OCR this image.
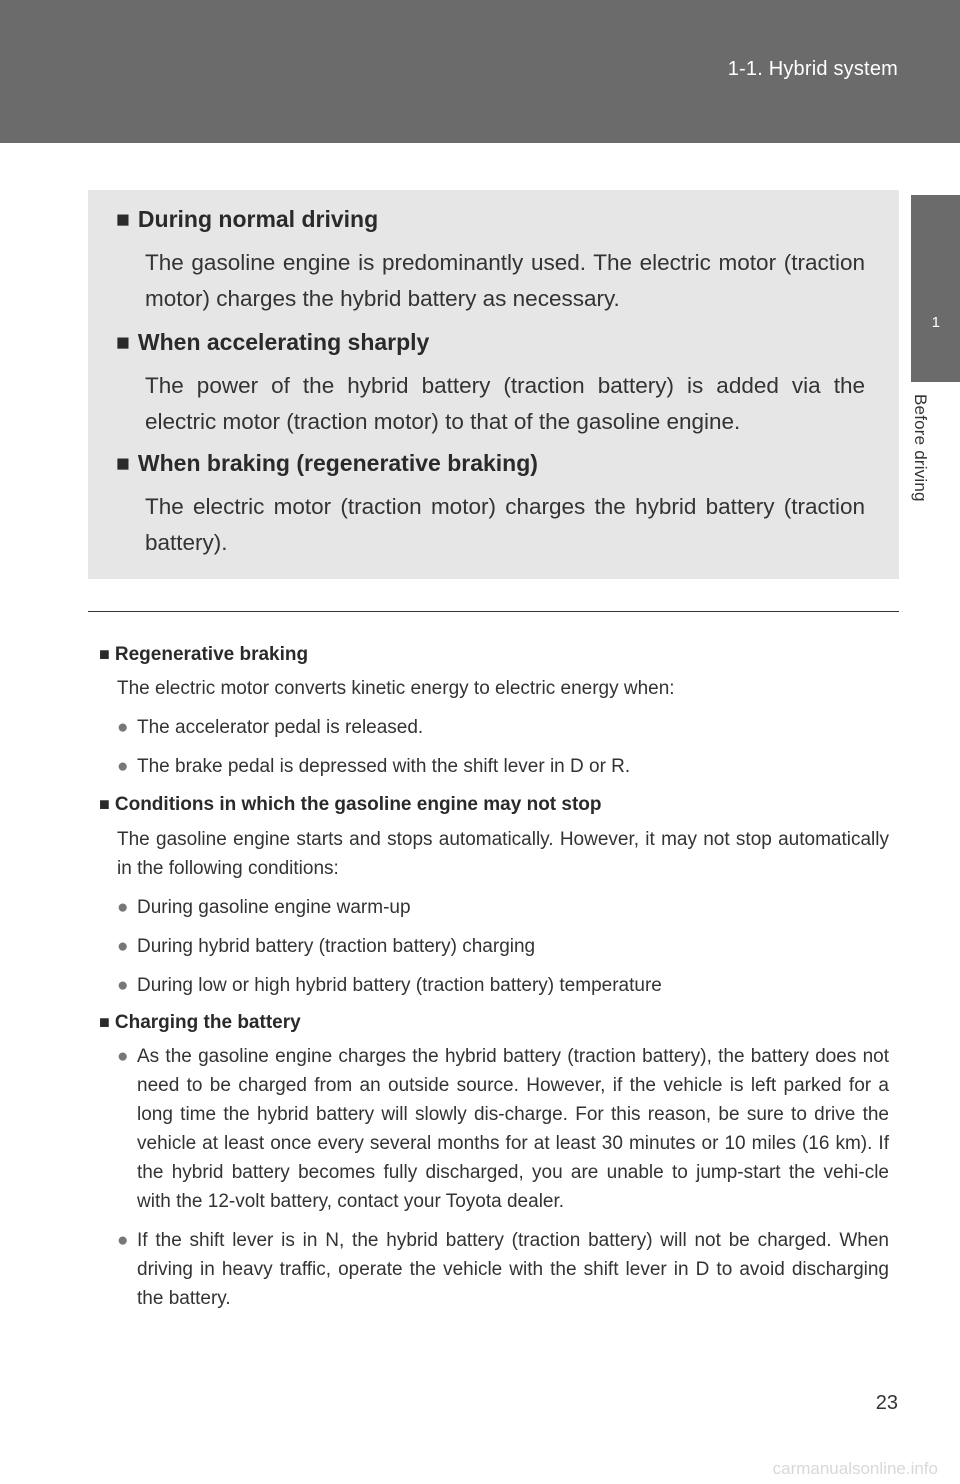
1-1. Hybrid system
1
Before driving
■ During normal driving

The gasoline engine is predominantly used. The electric motor (traction motor) charges the hybrid battery as necessary.

■ When accelerating sharply

The power of the hybrid battery (traction battery) is added via the electric motor (traction motor) to that of the gasoline engine.

■ When braking (regenerative braking)

The electric motor (traction motor) charges the hybrid battery (traction battery).

■ Regenerative braking

The electric motor converts kinetic energy to electric energy when:

● The accelerator pedal is released.

● The brake pedal is depressed with the shift lever in D or R.

■ Conditions in which the gasoline engine may not stop

The gasoline engine starts and stops automatically. However, it may not stop automatically in the following conditions:

● During gasoline engine warm-up

● During hybrid battery (traction battery) charging

● During low or high hybrid battery (traction battery) temperature

■ Charging the battery

● As the gasoline engine charges the hybrid battery (traction battery), the battery does not need to be charged from an outside source. However, if the vehicle is left parked for a long time the hybrid battery will slowly dis-charge. For this reason, be sure to drive the vehicle at least once every several months for at least 30 minutes or 10 miles (16 km). If the hybrid battery becomes fully discharged, you are unable to jump-start the vehi-cle with the 12-volt battery, contact your Toyota dealer.

● If the shift lever is in N, the hybrid battery (traction battery) will not be charged. When driving in heavy traffic, operate the vehicle with the shift lever in D to avoid discharging the battery.

23
carmanualsonline.info
